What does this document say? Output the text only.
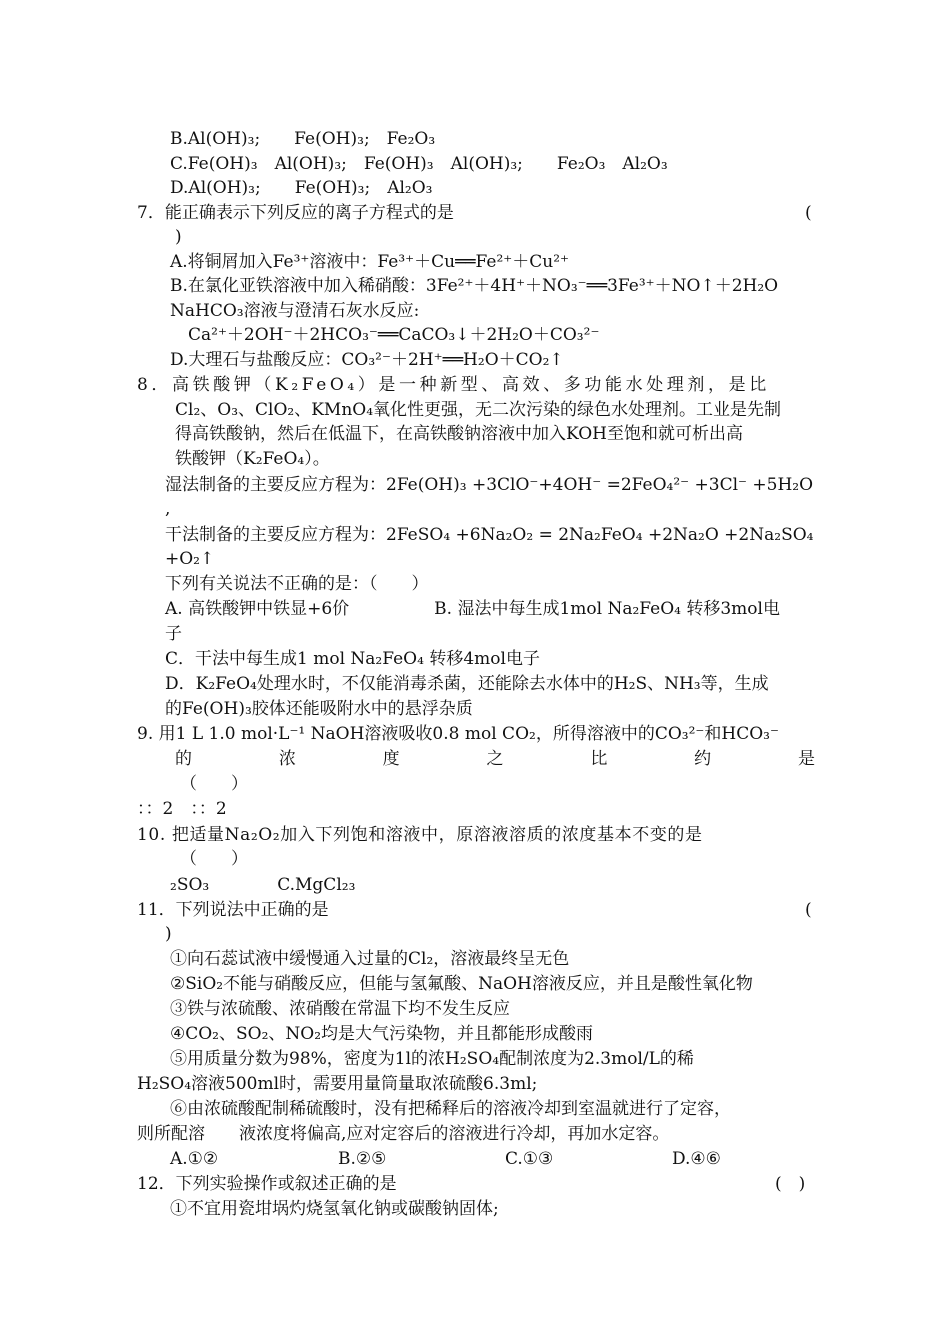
B.Al(OH)₃;　　Fe(OH)₃;　Fe₂O₃
C.Fe(OH)₃　Al(OH)₃;　Fe(OH)₃　Al(OH)₃;　　Fe₂O₃　Al₂O₃
D.Al(OH)₃;　　Fe(OH)₃;　Al₂O₃
7．能正确表示下列反应的离子方程式的是	(
)
A.将铜屑加入Fe³⁺溶液中：Fe³⁺＋Cu══Fe²⁺＋Cu²⁺
B.在氯化亚铁溶液中加入稀硝酸：3Fe²⁺＋4H⁺＋NO₃⁻══3Fe³⁺＋NO↑＋2H₂O
NaHCO₃溶液与澄清石灰水反应:
Ca²⁺＋2OH⁻＋2HCO₃⁻══CaCO₃↓＋2H₂O＋CO₃²⁻
D.大理石与盐酸反应：CO₃²⁻＋2H⁺══H₂O＋CO₂↑
8．高铁酸钾（K₂FeO₄）是一种新型、高效、多功能水处理剂，是比
Cl₂、O₃、ClO₂、KMnO₄氧化性更强，无二次污染的绿色水处理剂。工业是先制
得高铁酸钠，然后在低温下，在高铁酸钠溶液中加入KOH至饱和就可析出高
铁酸钾（K₂FeO₄）。
湿法制备的主要反应方程为：2Fe(OH)₃ +3ClO⁻+4OH⁻ =2FeO₄²⁻ +3Cl⁻ +5H₂O
,
干法制备的主要反应方程为：2FeSO₄ +6Na₂O₂ = 2Na₂FeO₄ +2Na₂O +2Na₂SO₄
+O₂↑
下列有关说法不正确的是：（　　）
A. 高铁酸钾中铁显+6价　　　　　B. 湿法中每生成1mol Na₂FeO₄ 转移3mol电
子
C．干法中每生成1 mol Na₂FeO₄ 转移4mol电子
D．K₂FeO₄处理水时，不仅能消毒杀菌，还能除去水体中的H₂S、NH₃等，生成
的Fe(OH)₃胶体还能吸附水中的悬浮杂质
9. 用1 L 1.0 mol·L⁻¹ NaOH溶液吸收0.8 mol CO₂，所得溶液中的CO₃²⁻和HCO₃⁻
的	浓	度	之	比	约	是
（　　）
：：2　：：2
10. 把适量Na₂O₂加入下列饱和溶液中，原溶液溶质的浓度基本不变的是
（　　）
₂SO₃　　　　C.MgCl₂₃
11．下列说法中正确的是	(
)
①向石蕊试液中缓慢通入过量的Cl₂，溶液最终呈无色
②SiO₂不能与硝酸反应，但能与氢氟酸、NaOH溶液反应，并且是酸性氧化物
③铁与浓硫酸、浓硝酸在常温下均不发生反应
④CO₂、SO₂、NO₂均是大气污染物，并且都能形成酸雨
⑤用质量分数为98%，密度为1l的浓H₂SO₄配制浓度为2.3mol/L的稀
H₂SO₄溶液500ml时，需要用量筒量取浓硫酸6.3ml;
⑥由浓硫酸配制稀硫酸时，没有把稀释后的溶液冷却到室温就进行了定容，
则所配溶　　液浓度将偏高,应对定容后的溶液进行冷却，再加水定容。
A.①②	B.②⑤	C.①③	D.④⑥
12．下列实验操作或叙述正确的是	(　)
①不宜用瓷坩埚灼烧氢氧化钠或碳酸钠固体;
